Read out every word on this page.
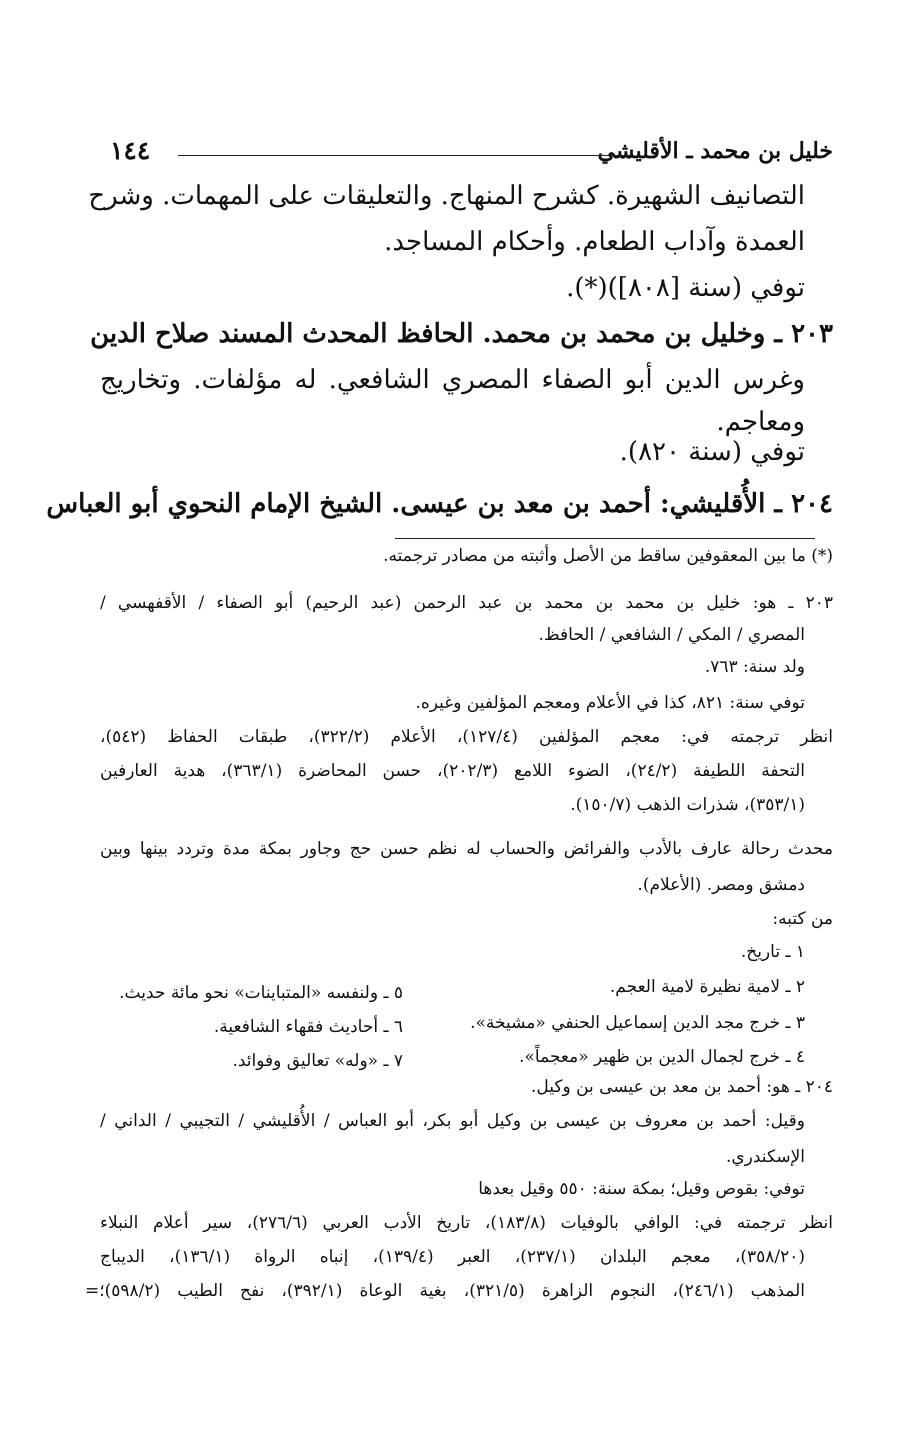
خليل بن محمد ـ الأقليشي
١٤٤
التصانيف الشهيرة. كشرح المنهاج. والتعليقات على المهمات. وشرح
العمدة وآداب الطعام. وأحكام المساجد.
توفي (سنة [٨٠٨])(*).
٢٠٣ ـ وخليل بن محمد بن محمد. الحافظ المحدث المسند صلاح الدين
وغرس الدين أبو الصفاء المصري الشافعي. له مؤلفات. وتخاريج
ومعاجم.
توفي (سنة ٨٢٠).
٢٠٤ ـ الأُقليشي: أحمد بن معد بن عيسى. الشيخ الإمام النحوي أبو العباس
(*) ما بين المعقوفين ساقط من الأصل وأثبته من مصادر ترجمته.
٢٠٣ ـ هو: خليل بن محمد بن محمد بن عبد الرحمن (عبد الرحيم) أبو الصفاء / الأقفهسي /
المصري / المكي / الشافعي / الحافظ.
ولد سنة: ٧٦٣.
توفي سنة: ٨٢١، كذا في الأعلام ومعجم المؤلفين وغيره.
انظر ترجمته في: معجم المؤلفين (١٢٧/٤)، الأعلام (٣٢٢/٢)، طبقات الحفاظ (٥٤٢)،
التحفة اللطيفة (٢٤/٢)، الضوء اللامع (٢٠٢/٣)، حسن المحاضرة (٣٦٣/١)، هدية العارفين
(٣٥٣/١)، شذرات الذهب (١٥٠/٧).
محدث رحالة عارف بالأدب والفرائض والحساب له نظم حسن حج وجاور بمكة مدة وتردد بينها وبين
دمشق ومصر. (الأعلام).
من كتبه:
١ ـ تاريخ.
٢ ـ لامية نظيرة لامية العجم.
٣ ـ خرج مجد الدين إسماعيل الحنفي «مشيخة».
٤ ـ خرج لجمال الدين بن ظهير «معجماً».
٥ ـ ولنفسه «المتباينات» نحو مائة حديث.
٦ ـ أحاديث فقهاء الشافعية.
٧ ـ «وله» تعاليق وفوائد.
٢٠٤ ـ هو: أحمد بن معد بن عيسى بن وكيل.
وقيل: أحمد بن معروف بن عيسى بن وكيل أبو بكر، أبو العباس / الأُقليشي / التجيبي / الداني /
الإسكندري.
توفي: بقوص وقيل؛ بمكة سنة: ٥٥٠ وقيل بعدها
انظر ترجمته في: الوافي بالوفيات (١٨٣/٨)، تاريخ الأدب العربي (٢٧٦/٦)، سير أعلام النبلاء
(٣٥٨/٢٠)، معجم البلدان (٢٣٧/١)، العبر (١٣٩/٤)، إنباه الرواة (١٣٦/١)، الديباج
المذهب (٢٤٦/١)، النجوم الزاهرة (٣٢١/٥)، بغية الوعاة (٣٩٢/١)، نفح الطيب (٥٩٨/٢)؛=
